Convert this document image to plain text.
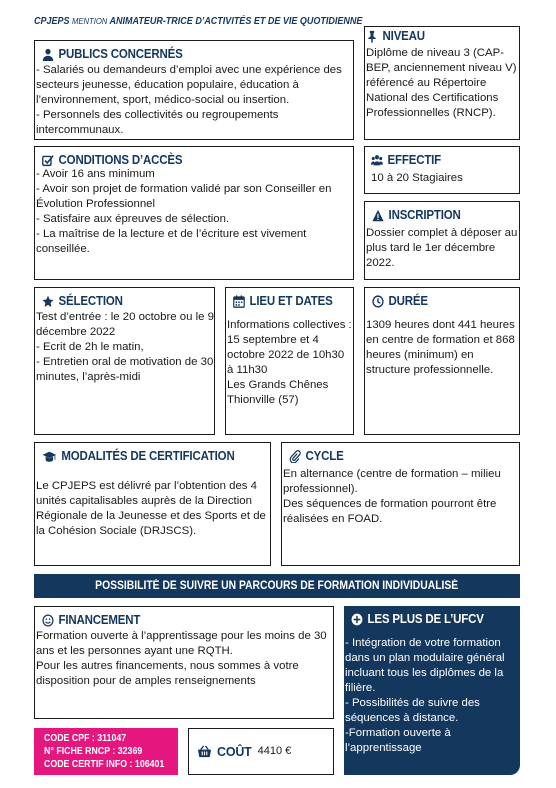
CPJEPS MENTION ANIMATEUR-TRICE D’ACTIVITÉS ET DE VIE QUOTIDIENNE
NIVEAU

Diplôme de niveau 3 (CAP-BEP, anciennement niveau V) référencé au Répertoire National des Certifications Professionnelles (RNCP).

PUBLICS CONCERNÉS

- Salariés ou demandeurs d’emploi avec une expérience des secteurs jeunesse, éducation populaire, éducation à l’environnement, sport, médico-social ou insertion.

- Personnels des collectivités ou regroupements intercommunaux.

CONDITIONS D’ACCÈS

- Avoir 16 ans minimum

- Avoir son projet de formation validé par son Conseiller en Évolution Professionnel

- Satisfaire aux épreuves de sélection.

- La maîtrise de la lecture et de l’écriture est vivement conseillée.

EFFECTIF

10 à 20 Stagiaires

INSCRIPTION

Dossier complet à déposer au plus tard le 1er décembre 2022.

SÉLECTION

Test d’entrée : le 20 octobre ou le 9 décembre 2022

- Ecrit de 2h le matin,

- Entretien oral de motivation de 30 minutes, l’après-midi

LIEU ET DATES

Informations collectives :

15 septembre et 4 octobre 2022 de 10h30 à 11h30

Les Grands Chênes Thionville (57)

DURÉE

1309 heures dont 441 heures en centre de formation et 868 heures (minimum) en structure professionnelle.

MODALITÉS DE CERTIFICATION

Le CPJEPS est délivré par l’obtention des 4 unités capitalisables auprès de la Direction Régionale de la Jeunesse et des Sports et de la Cohésion Sociale (DRJSCS).

CYCLE

En alternance (centre de formation – milieu professionnel).

Des séquences de formation pourront être réalisées en FOAD.

POSSIBILITÉ DE SUIVRE UN PARCOURS DE FORMATION INDIVIDUALISÉ
FINANCEMENT

Formation ouverte à l’apprentissage pour les moins de 30 ans et les personnes ayant une RQTH.

Pour les autres financements, nous sommes à votre disposition pour de amples renseignements

LES PLUS DE L’UFCV

- Intégration de votre formation dans un plan modulaire général incluant tous les diplômes de la filière.

- Possibilités de suivre des séquences à distance.

-Formation ouverte à l’apprentissage

CODE CPF : 311047
N° FICHE RNCP : 32369
CODE CERTIF INFO : 106401
COÛT 4410 €
